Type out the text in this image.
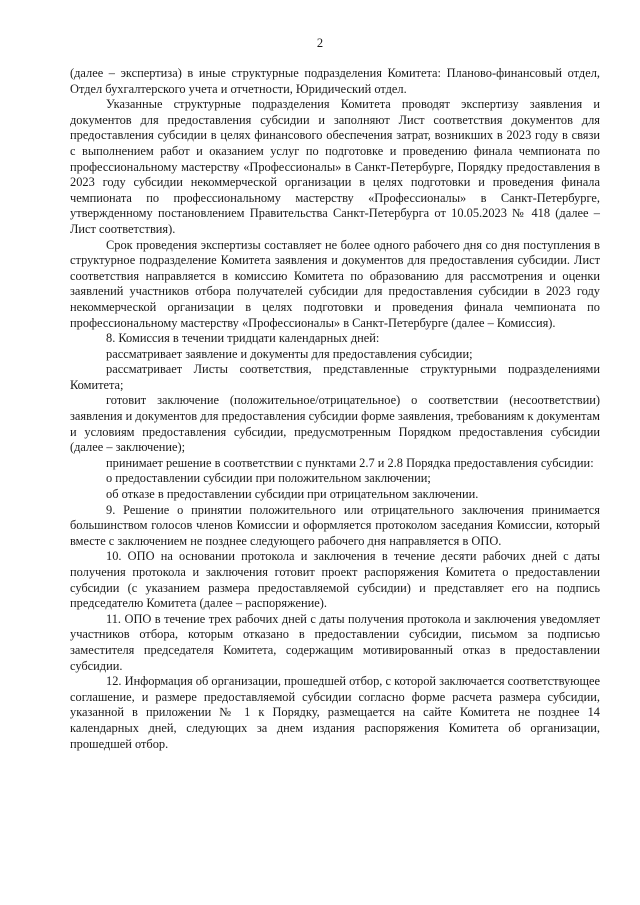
2

(далее – экспертиза) в иные структурные подразделения Комитета: Планово-финансовый отдел, Отдел бухгалтерского учета и отчетности, Юридический отдел.

Указанные структурные подразделения Комитета проводят экспертизу заявления и документов для предоставления субсидии и заполняют Лист соответствия документов для предоставления субсидии в целях финансового обеспечения затрат, возникших в 2023 году в связи с выполнением работ и оказанием услуг по подготовке и проведению финала чемпионата по профессиональному мастерству «Профессионалы» в Санкт-Петербурге, Порядку предоставления в 2023 году субсидии некоммерческой организации в целях подготовки и проведения финала чемпионата по профессиональному мастерству «Профессионалы» в Санкт-Петербурге, утвержденному постановлением Правительства Санкт-Петербурга от 10.05.2023 № 418 (далее – Лист соответствия).

Срок проведения экспертизы составляет не более одного рабочего дня со дня поступления в структурное подразделение Комитета заявления и документов для предоставления субсидии. Лист соответствия направляется в комиссию Комитета по образованию для рассмотрения и оценки заявлений участников отбора получателей субсидии для предоставления субсидии в 2023 году некоммерческой организации в целях подготовки и проведения финала чемпионата по профессиональному мастерству «Профессионалы» в Санкт-Петербурге (далее – Комиссия).

8. Комиссия в течении тридцати календарных дней:

рассматривает заявление и документы для предоставления субсидии;

рассматривает Листы соответствия, представленные структурными подразделениями Комитета;

готовит заключение (положительное/отрицательное) о соответствии (несоответствии) заявления и документов для предоставления субсидии форме заявления, требованиям к документам и условиям предоставления субсидии, предусмотренным Порядком предоставления субсидии (далее – заключение);

принимает решение в соответствии с пунктами 2.7 и 2.8 Порядка предоставления субсидии:

о предоставлении субсидии при положительном заключении;

об отказе в предоставлении субсидии при отрицательном заключении.

9. Решение о принятии положительного или отрицательного заключения принимается большинством голосов членов Комиссии и оформляется протоколом заседания Комиссии, который вместе с заключением не позднее следующего рабочего дня направляется в ОПО.

10. ОПО на основании протокола и заключения в течение десяти рабочих дней с даты получения протокола и заключения готовит проект распоряжения Комитета о предоставлении субсидии (с указанием размера предоставляемой субсидии) и представляет его на подпись председателю Комитета (далее – распоряжение).

11. ОПО в течение трех рабочих дней с даты получения протокола и заключения уведомляет участников отбора, которым отказано в предоставлении субсидии, письмом за подписью заместителя председателя Комитета, содержащим мотивированный отказ в предоставлении субсидии.

12. Информация об организации, прошедшей отбор, с которой заключается соответствующее соглашение, и размере предоставляемой субсидии согласно форме расчета размера субсидии, указанной в приложении № 1 к Порядку, размещается на сайте Комитета не позднее 14 календарных дней, следующих за днем издания распоряжения Комитета об организации, прошедшей отбор.
